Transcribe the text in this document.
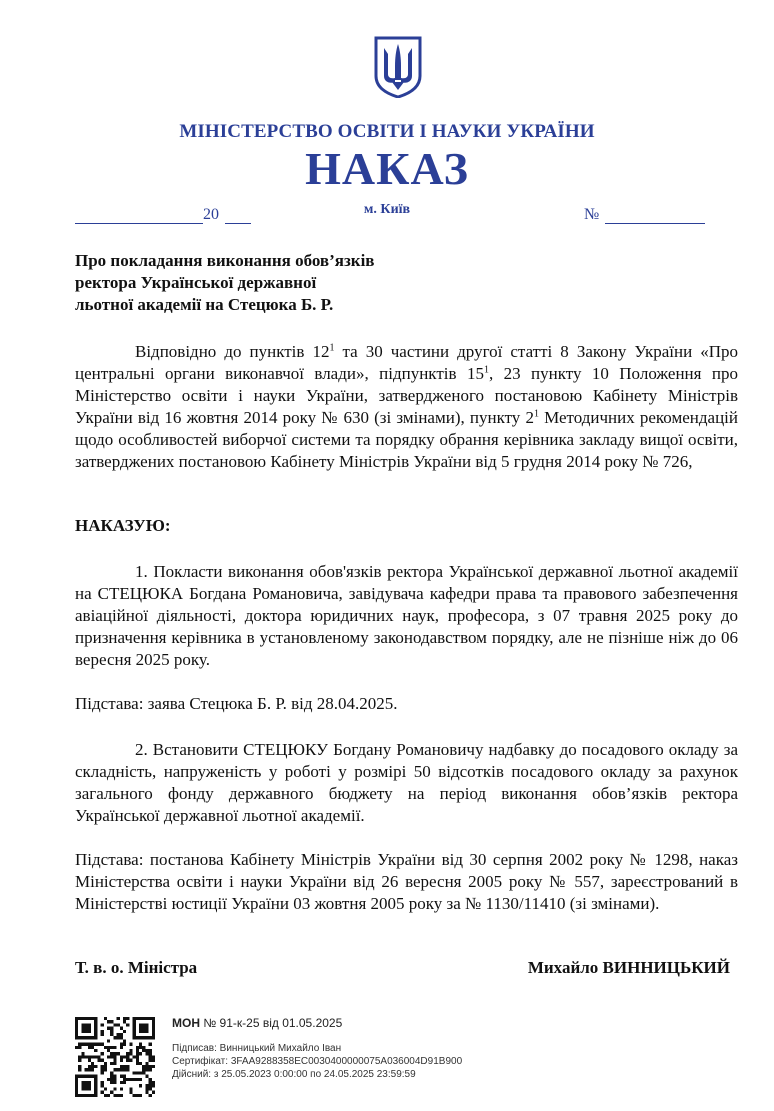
МІНІСТЕРСТВО ОСВІТИ І НАУКИ УКРАЇНИ
НАКАЗ
м. Київ
20	№
Про покладання виконання обов’язків
ректора Української державної
льотної академії на Стецюка Б. Р.

Відповідно до пунктів $12^1$ та 30 частини другої статті 8 Закону України «Про центральні органи виконавчої влади», підпунктів $15^1$, 23 пункту 10 Положення про Міністерство освіти і науки України, затвердженого постановою Кабінету Міністрів України від 16 жовтня 2014 року № 630 (зі змінами), пункту $2^1$ Методичних рекомендацій щодо особливостей виборчої системи та порядку обрання керівника закладу вищої освіти, затверджених постановою Кабінету Міністрів України від 5 грудня 2014 року № 726,

НАКАЗУЮ:

1. Покласти виконання обов'язків ректора Української державної льотної академії на СТЕЦЮКА Богдана Романовича, завідувача кафедри права та правового забезпечення авіаційної діяльності, доктора юридичних наук, професора, з 07 травня 2025 року до призначення керівника в установленому законодавством порядку, але не пізніше ніж до 06 вересня 2025 року.

Підстава: заява Стецюка Б. Р. від 28.04.2025.

2. Встановити СТЕЦЮКУ Богдану Романовичу надбавку до посадового окладу за складність, напруженість у роботі у розмірі 50 відсотків посадового окладу за рахунок загального фонду державного бюджету на період виконання обов’язків ректора Української державної льотної академії.

Підстава: постанова Кабінету Міністрів України від 30 серпня 2002 року № 1298, наказ Міністерства освіти і науки України від 26 вересня 2005 року № 557, зареєстрований в Міністерстві юстиції України 03 жовтня 2005 року за № 1130/11410 (зі змінами).

Т. в. о. Міністра	Михайло ВИННИЦЬКИЙ
МОН № 91-к-25 від 01.05.2025
Підписав: Винницький Михайло Іван
Сертифікат: 3FAA9288358EC0030400000075A036004D91B900
Дійсний: з 25.05.2023 0:00:00 по 24.05.2025 23:59:59
